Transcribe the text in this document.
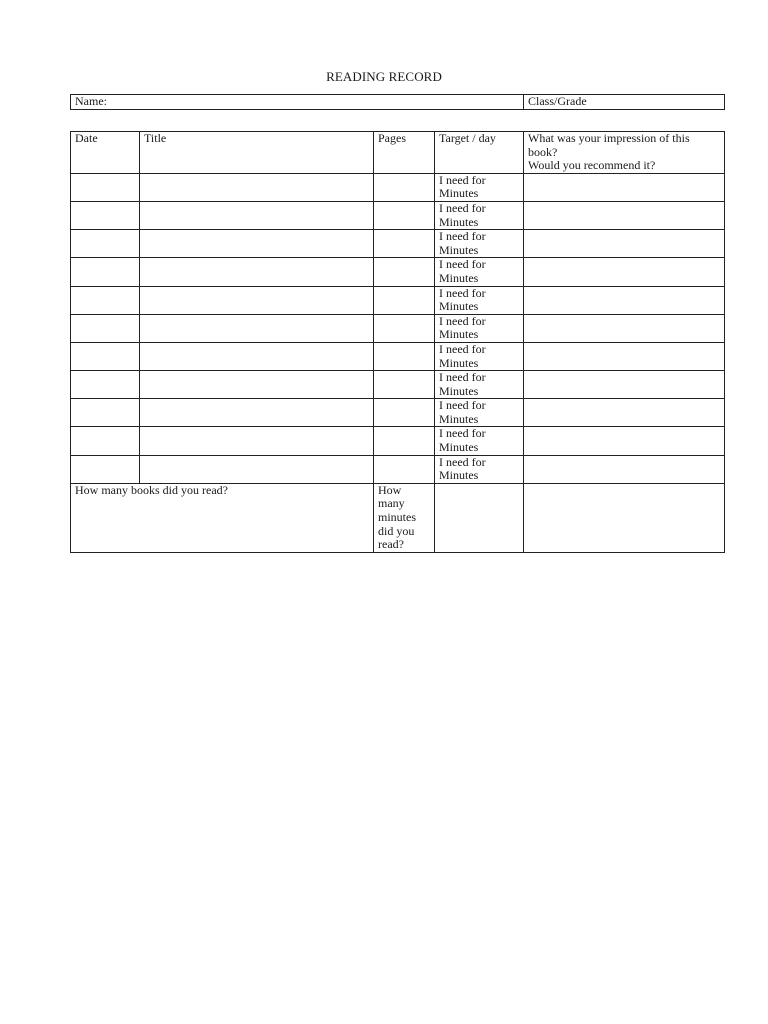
READING RECORD
Name:	Class/Grade
Date	Title	Pages	Target / day	What was your impression of this book?
Would you recommend it?
			I need for
Minutes	
			I need for
Minutes	
			I need for
Minutes	
			I need for
Minutes	
			I need for
Minutes	
			I need for
Minutes	
			I need for
Minutes	
			I need for
Minutes	
			I need for
Minutes	
			I need for
Minutes	
			I need for
Minutes	
How many books did you read?		How many
minutes
did you
read?		
